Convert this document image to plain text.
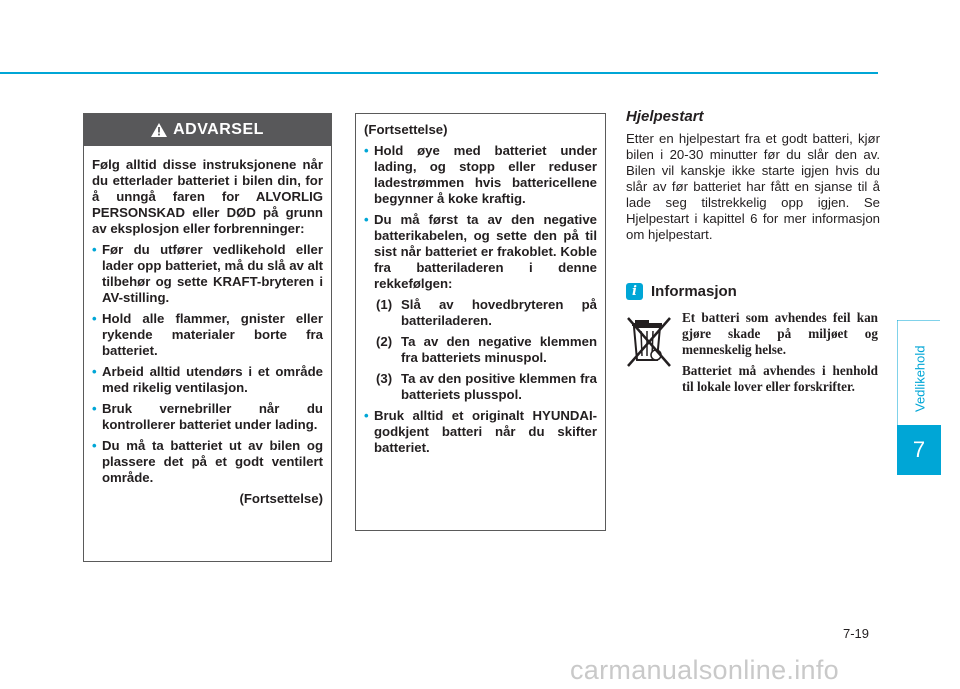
ADVARSEL
Følg alltid disse instruksjonene når du etterlader batteriet i bilen din, for å unngå faren for ALVORLIG PERSONSKAD eller DØD på grunn av eksplosjon eller forbrenninger:
• Før du utfører vedlikehold eller lader opp batteriet, må du slå av alt tilbehør og sette KRAFT-bryteren i AV-stilling.
• Hold alle flammer, gnister eller rykende materialer borte fra batteriet.
• Arbeid alltid utendørs i et område med rikelig ventilasjon.
• Bruk vernebriller når du kontrollerer batteriet under lading.
• Du må ta batteriet ut av bilen og plassere det på et godt ventilert område.
(Fortsettelse)
(Fortsettelse)
• Hold øye med batteriet under lading, og stopp eller reduser ladestrømmen hvis battericellene begynner å koke kraftig.
• Du må først ta av den negative batterikabelen, og sette den på til sist når batteriet er frakoblet. Koble fra batteriladeren i denne rekkefølgen:
(1) Slå av hovedbryteren på batteriladeren.
(2) Ta av den negative klemmen fra batteriets minuspol.
(3) Ta av den positive klemmen fra batteriets plusspol.
• Bruk alltid et originalt HYUNDAI-godkjent batteri når du skifter batteriet.
Hjelpestart
Etter en hjelpestart fra et godt batteri, kjør bilen i 20-30 minutter før du slår den av. Bilen vil kanskje ikke starte igjen hvis du slår av før batteriet har fått en sjanse til å lade seg tilstrekkelig opp igjen. Se Hjelpestart i kapittel 6 for mer informasjon om hjelpestart.
i Informasjon

Et batteri som avhendes feil kan gjøre skade på miljøet og menneskelig helse.

Batteriet må avhendes i henhold til lokale lover eller forskrifter.	Vedlikehold
7
7-19
carmanualsonline.info
